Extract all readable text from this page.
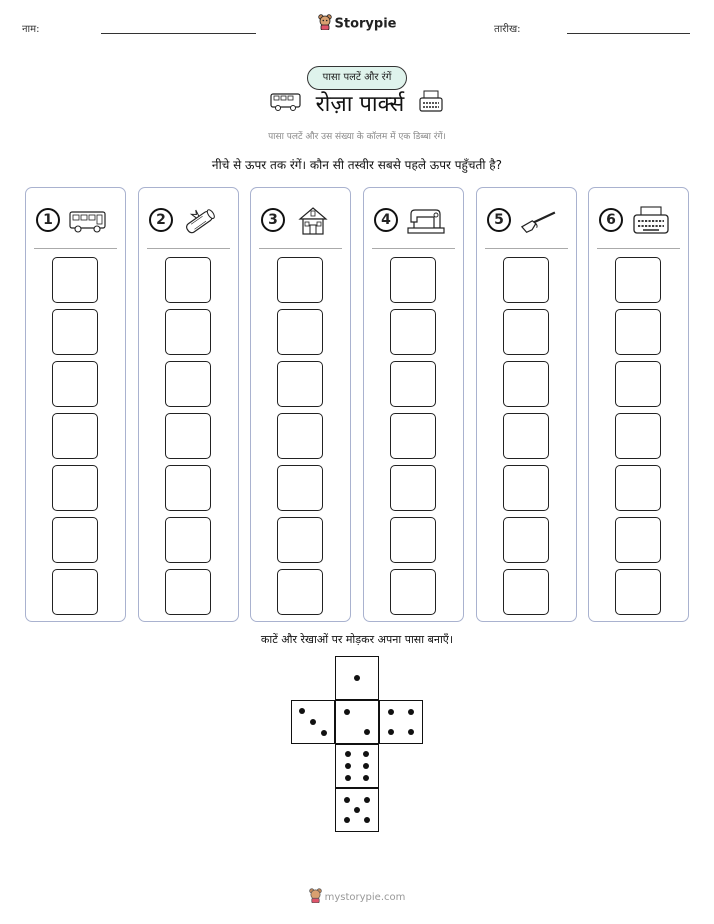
नाम:	Storypie	तारीख:
पासा पलटें और रंगें
रोज़ा पार्क्स
पासा पलटें और उस संख्या के कॉलम में एक डिब्बा रंगें।
नीचे से ऊपर तक रंगें। कौन सी तस्वीर सबसे पहले ऊपर पहुँचती है?
1	2	3	4	5	6
काटें और रेखाओं पर मोड़कर अपना पासा बनाएँ।
mystorypie.com
